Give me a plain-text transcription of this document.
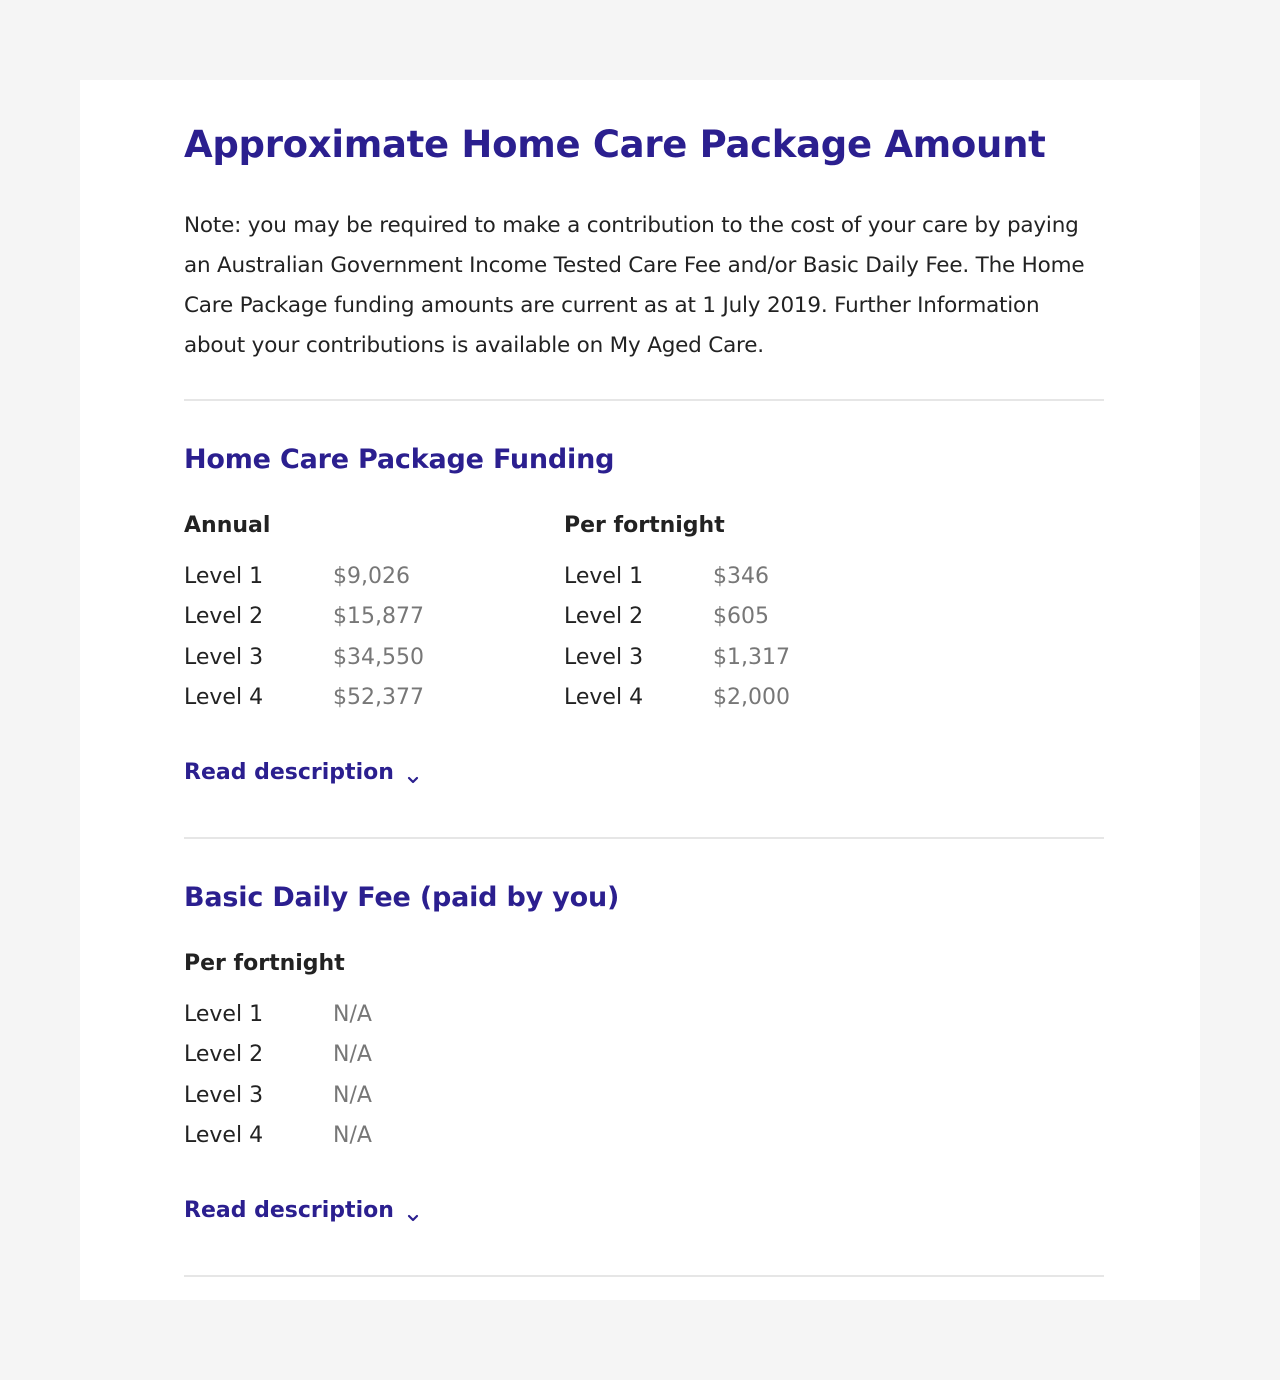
Approximate Home Care Package Amount

Note: you may be required to make a contribution to the cost of your care by paying an Australian Government Income Tested Care Fee and/or Basic Daily Fee. The Home Care Package funding amounts are current as at 1 July 2019. Further Information about your contributions is available on My Aged Care.

Home Care Package Funding
Annual
Level 1	$9,026
Level 2	$15,877
Level 3	$34,550
Level 4	$52,377
Per fortnight
Level 1	$346
Level 2	$605
Level 3	$1,317
Level 4	$2,000
Read description
Basic Daily Fee (paid by you)
Per fortnight
Level 1	N/A
Level 2	N/A
Level 3	N/A
Level 4	N/A
Read description
